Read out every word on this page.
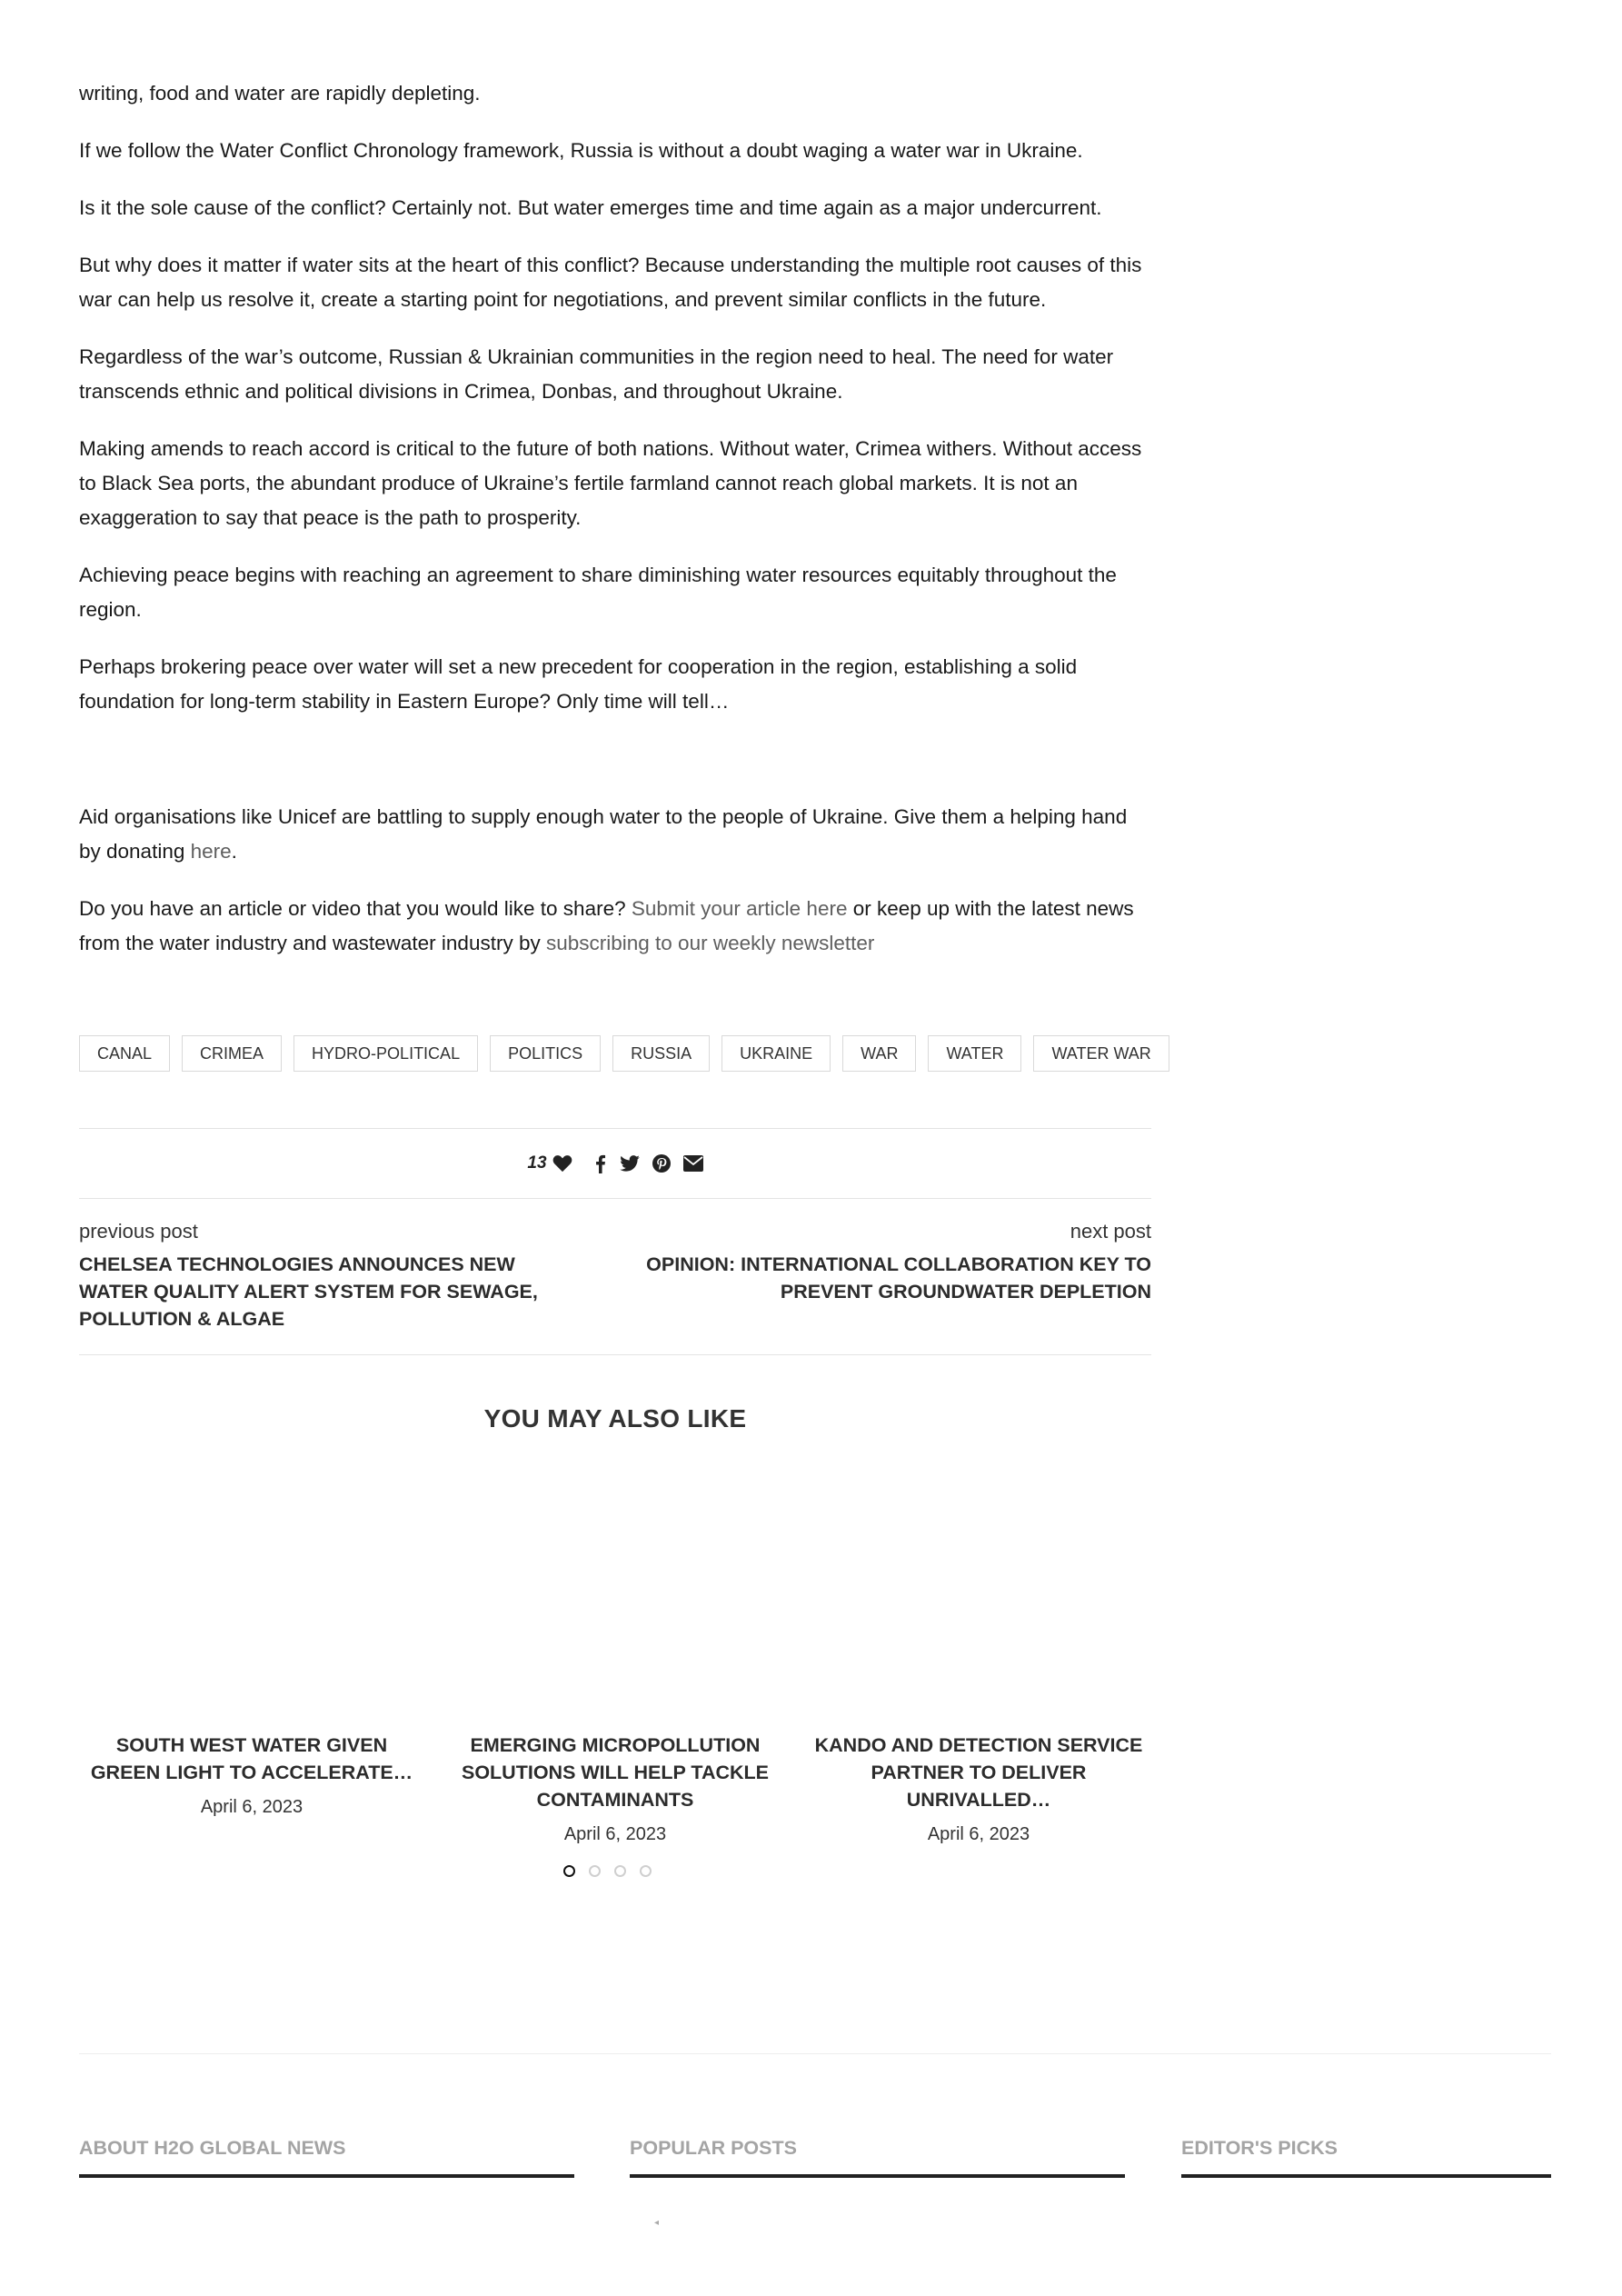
writing, food and water are rapidly depleting.

If we follow the Water Conflict Chronology framework, Russia is without a doubt waging a water war in Ukraine.

Is it the sole cause of the conflict? Certainly not. But water emerges time and time again as a major undercurrent.

But why does it matter if water sits at the heart of this conflict? Because understanding the multiple root causes of this war can help us resolve it, create a starting point for negotiations, and prevent similar conflicts in the future.

Regardless of the war’s outcome, Russian & Ukrainian communities in the region need to heal. The need for water transcends ethnic and political divisions in Crimea, Donbas, and throughout Ukraine.

Making amends to reach accord is critical to the future of both nations. Without water, Crimea withers. Without access to Black Sea ports, the abundant produce of Ukraine’s fertile farmland cannot reach global markets. It is not an exaggeration to say that peace is the path to prosperity.

Achieving peace begins with reaching an agreement to share diminishing water resources equitably throughout the region.

Perhaps brokering peace over water will set a new precedent for cooperation in the region, establishing a solid foundation for long-term stability in Eastern Europe? Only time will tell…

Aid organisations like Unicef are battling to supply enough water to the people of Ukraine. Give them a helping hand by donating here.

Do you have an article or video that you would like to share? Submit your article here or keep up with the latest news from the water industry and wastewater industry by subscribing to our weekly newsletter

CANAL	CRIMEA	HYDRO-POLITICAL	POLITICS	RUSSIA	UKRAINE	WAR	WATER	WATER WAR
13
previous post
CHELSEA TECHNOLOGIES ANNOUNCES NEW WATER QUALITY ALERT SYSTEM FOR SEWAGE, POLLUTION & ALGAE
next post
OPINION: INTERNATIONAL COLLABORATION KEY TO PREVENT GROUNDWATER DEPLETION
YOU MAY ALSO LIKE
SOUTH WEST WATER GIVEN GREEN LIGHT TO ACCELERATE…
April 6, 2023
EMERGING MICROPOLLUTION SOLUTIONS WILL HELP TACKLE CONTAMINANTS
April 6, 2023
KANDO AND DETECTION SERVICE PARTNER TO DELIVER UNRIVALLED…
April 6, 2023
ABOUT H2O GLOBAL NEWS	POPULAR POSTS	EDITOR'S PICKS
◂
